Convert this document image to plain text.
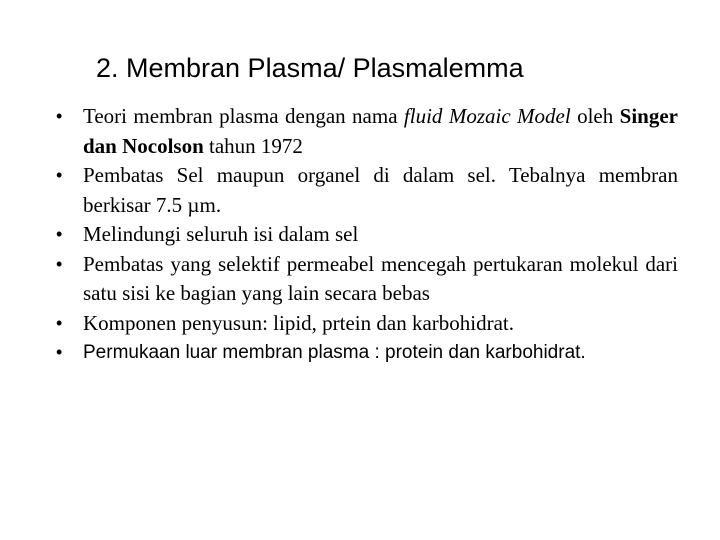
2. Membran Plasma/ Plasmalemma
• Teori membran plasma dengan nama fluid Mozaic Model oleh Singer dan Nocolson tahun 1972
• Pembatas Sel maupun organel di dalam sel. Tebalnya membran berkisar 7.5 µm.
• Melindungi seluruh isi dalam sel
• Pembatas yang selektif permeabel mencegah pertukaran molekul dari satu sisi ke bagian yang lain secara bebas
• Komponen penyusun: lipid, prtein dan karbohidrat.
• Permukaan luar membran plasma : protein dan karbohidrat.
